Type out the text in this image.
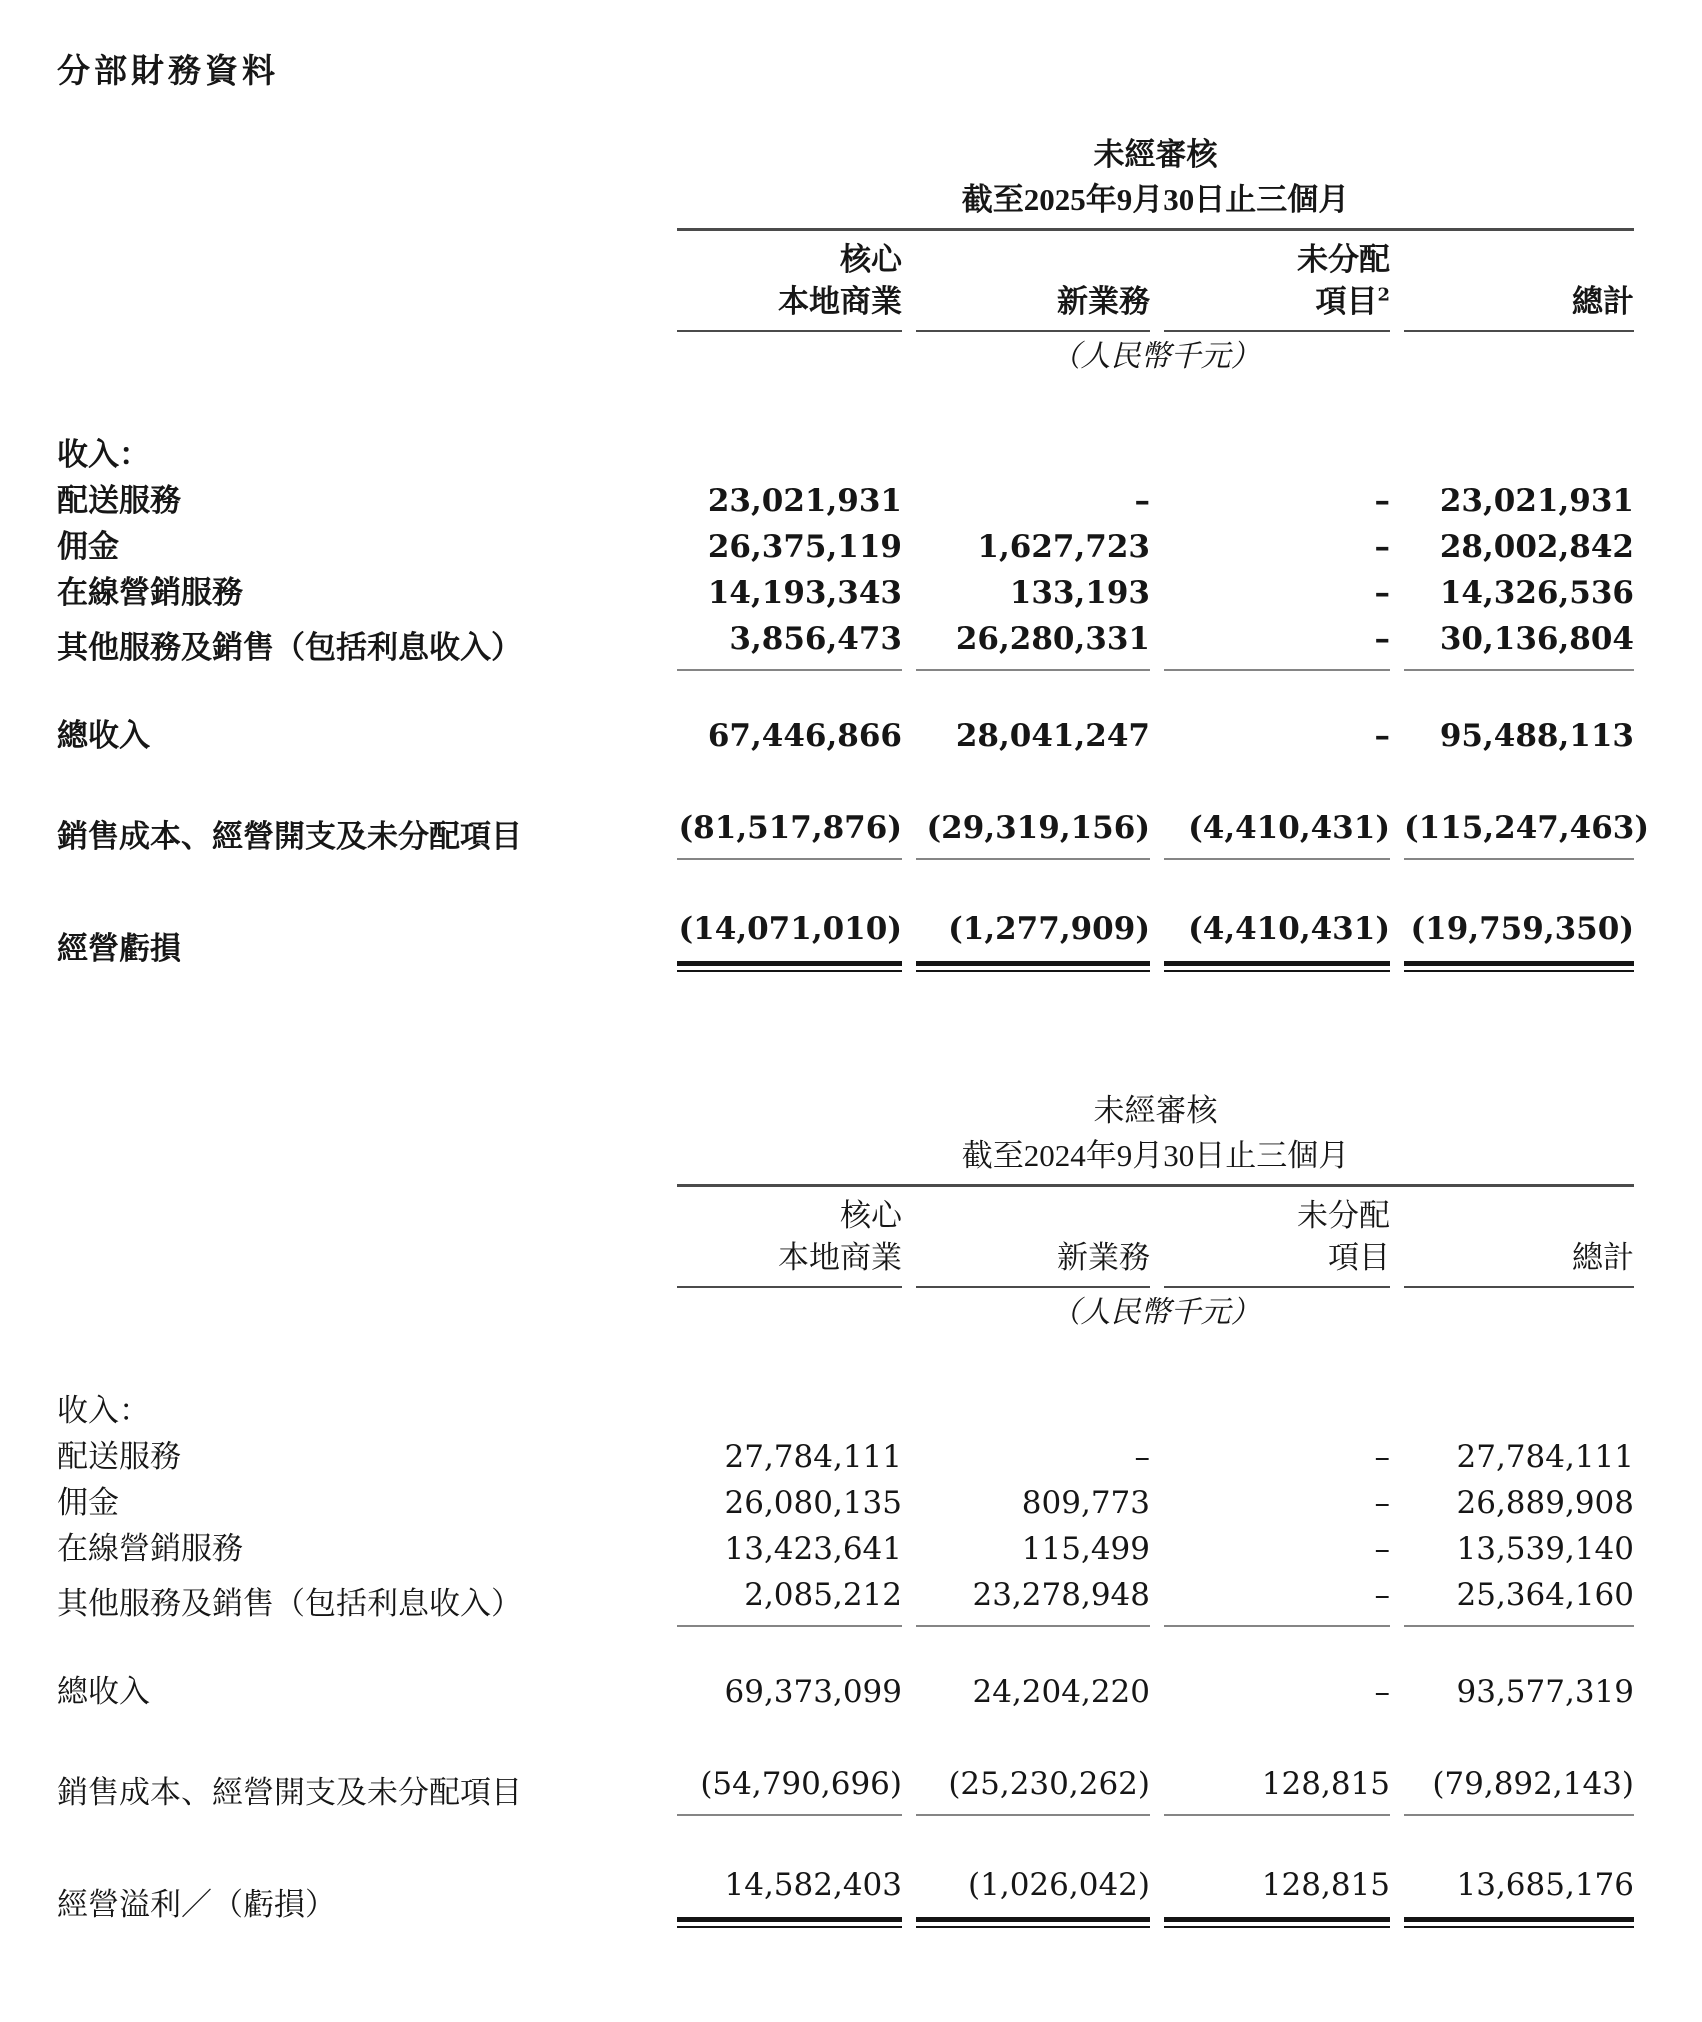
分部財務資料
未經審核
截至2025年9月30日止三個月
核心
本地商業	新業務
未分配
項目$^2$	總計
（人民幣千元）
收入：
配送服務	23,021,931	–	–	23,021,931
佣金	26,375,119	1,627,723	–	28,002,842
在線營銷服務	14,193,343	133,193	–	14,326,536
其他服務及銷售（包括利息收入）	3,856,473	26,280,331	–	30,136,804
總收入	67,446,866	28,041,247	–	95,488,113
銷售成本、經營開支及未分配項目	(81,517,876) (29,319,156)	(4,410,431) (115,247,463)
經營虧損
(14,071,010)	(1,277,909)	(4,410,431) (19,759,350)
未經審核
截至2024年9月30日止三個月
核心
本地商業	新業務
未分配
項目	總計
（人民幣千元）
收入：
配送服務	27,784,111	–	–	27,784,111
佣金	26,080,135	809,773	–	26,889,908
在線營銷服務	13,423,641	115,499	–	13,539,140
其他服務及銷售（包括利息收入）	2,085,212	23,278,948	–	25,364,160
總收入	69,373,099	24,204,220	–	93,577,319
銷售成本、經營開支及未分配項目	(54,790,696)	(25,230,262)	128,815	(79,892,143)
經營溢利／（虧損）
14,582,403	(1,026,042)	128,815	13,685,176
